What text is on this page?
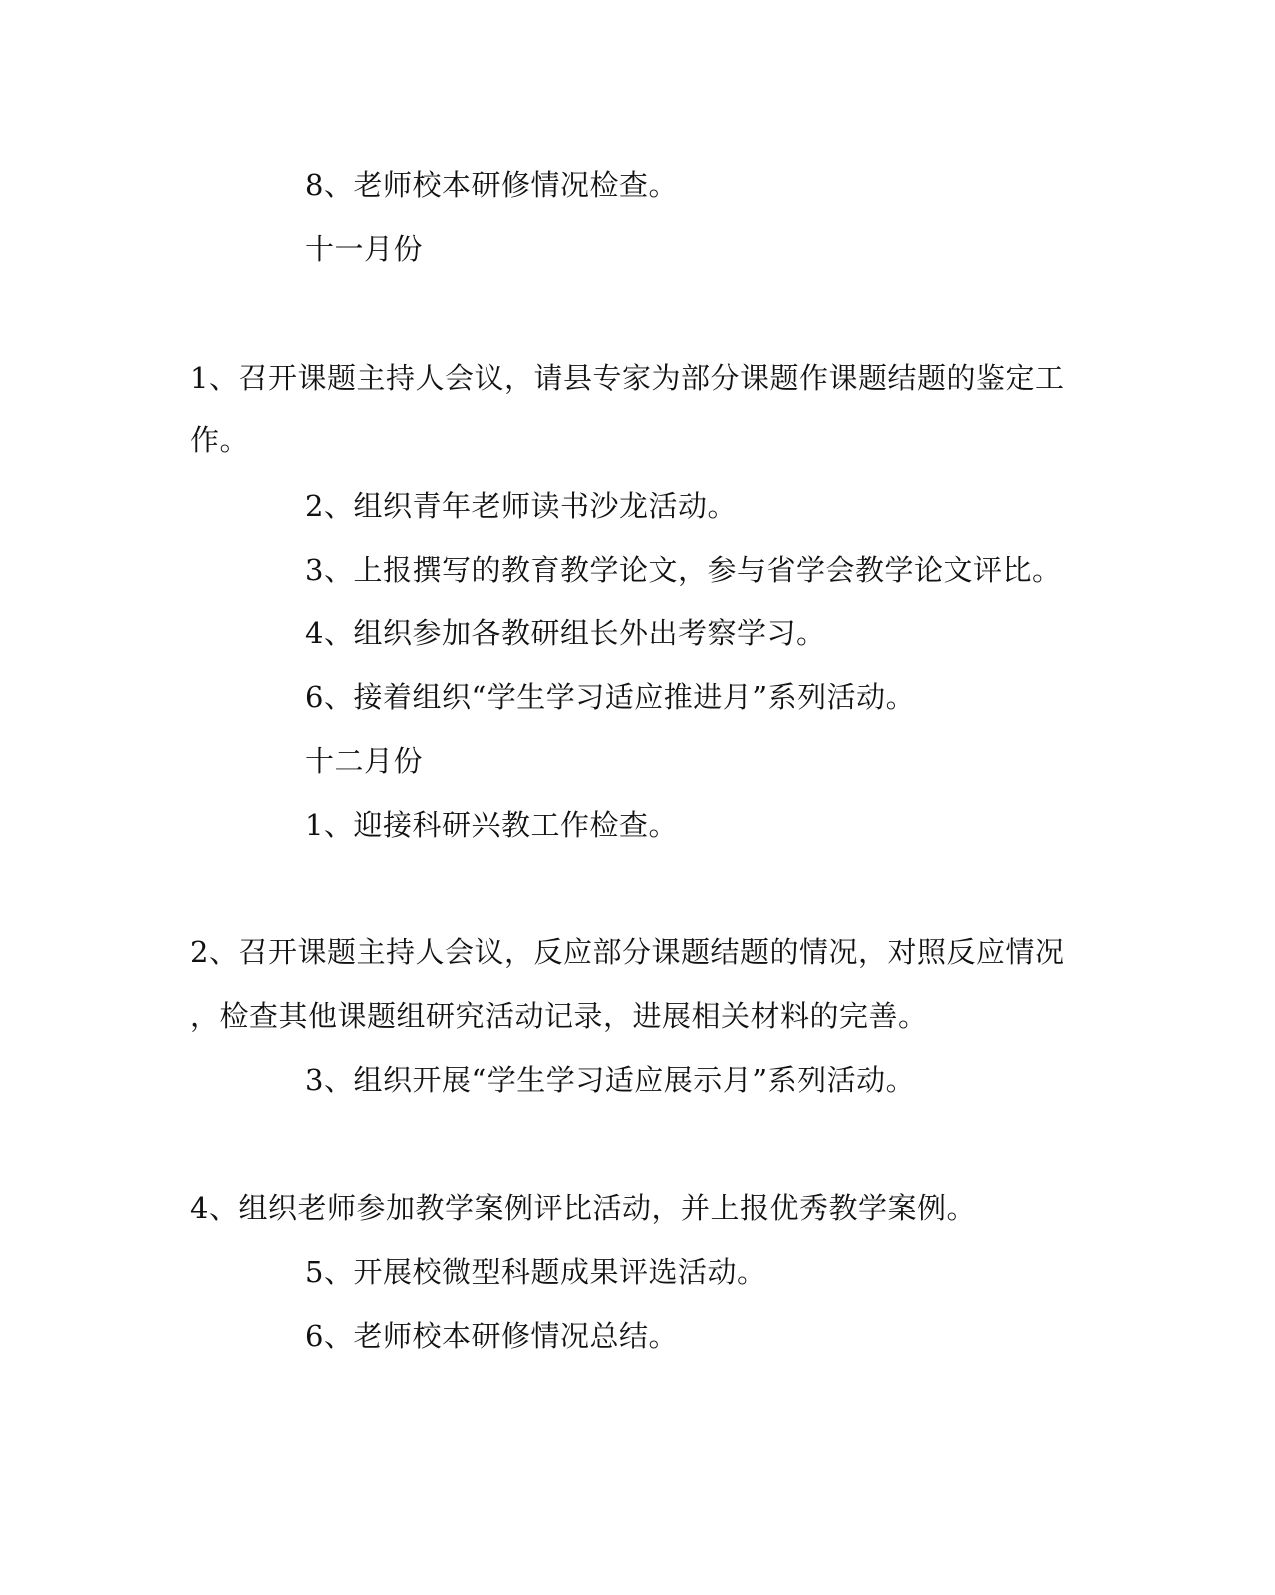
8、老师校本研修情况检查。
十一月份
1、召开课题主持人会议，请县专家为部分课题作课题结题的鉴定工
作。
2、组织青年老师读书沙龙活动。
3、上报撰写的教育教学论文，参与省学会教学论文评比。
4、组织参加各教研组长外出考察学习。
6、接着组织“学生学习适应推进月”系列活动。
十二月份
1、迎接科研兴教工作检查。
2、召开课题主持人会议，反应部分课题结题的情况，对照反应情况
，检查其他课题组研究活动记录，进展相关材料的完善。
3、组织开展“学生学习适应展示月”系列活动。
4、组织老师参加教学案例评比活动，并上报优秀教学案例。
5、开展校微型科题成果评选活动。
6、老师校本研修情况总结。
